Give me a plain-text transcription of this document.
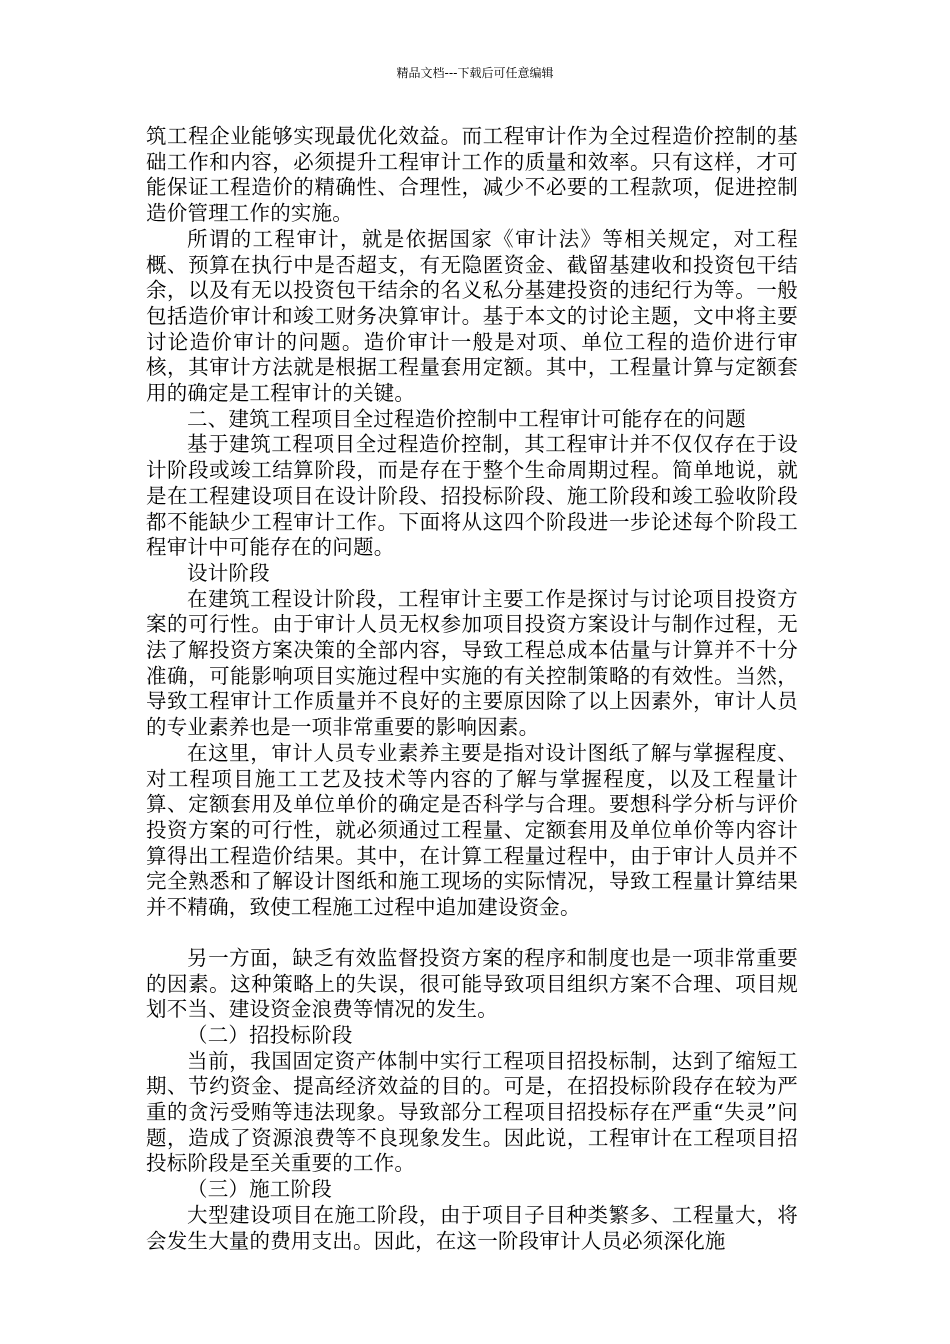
精品文档---下载后可任意编辑

筑工程企业能够实现最优化效益。而工程审计作为全过程造价控制的基础工作和内容，必须提升工程审计工作的质量和效率。只有这样，才可能保证工程造价的精确性、合理性，减少不必要的工程款项，促进控制造价管理工作的实施。

所谓的工程审计，就是依据国家《审计法》等相关规定，对工程概、预算在执行中是否超支，有无隐匿资金、截留基建收和投资包干结余，以及有无以投资包干结余的名义私分基建投资的违纪行为等。一般包括造价审计和竣工财务决算审计。基于本文的讨论主题，文中将主要讨论造价审计的问题。造价审计一般是对项、单位工程的造价进行审核，其审计方法就是根据工程量套用定额。其中，工程量计算与定额套用的确定是工程审计的关键。

二、建筑工程项目全过程造价控制中工程审计可能存在的问题

基于建筑工程项目全过程造价控制，其工程审计并不仅仅存在于设计阶段或竣工结算阶段，而是存在于整个生命周期过程。简单地说，就是在工程建设项目在设计阶段、招投标阶段、施工阶段和竣工验收阶段都不能缺少工程审计工作。下面将从这四个阶段进一步论述每个阶段工程审计中可能存在的问题。

设计阶段

在建筑工程设计阶段，工程审计主要工作是探讨与讨论项目投资方案的可行性。由于审计人员无权参加项目投资方案设计与制作过程，无法了解投资方案决策的全部内容，导致工程总成本估量与计算并不十分准确，可能影响项目实施过程中实施的有关控制策略的有效性。当然，导致工程审计工作质量并不良好的主要原因除了以上因素外，审计人员的专业素养也是一项非常重要的影响因素。

在这里，审计人员专业素养主要是指对设计图纸了解与掌握程度、对工程项目施工工艺及技术等内容的了解与掌握程度，以及工程量计算、定额套用及单位单价的确定是否科学与合理。要想科学分析与评价投资方案的可行性，就必须通过工程量、定额套用及单位单价等内容计算得出工程造价结果。其中，在计算工程量过程中，由于审计人员并不完全熟悉和了解设计图纸和施工现场的实际情况，导致工程量计算结果并不精确，致使工程施工过程中追加建设资金。

另一方面，缺乏有效监督投资方案的程序和制度也是一项非常重要的因素。这种策略上的失误，很可能导致项目组织方案不合理、项目规划不当、建设资金浪费等情况的发生。

（二）招投标阶段

当前，我国固定资产体制中实行工程项目招投标制，达到了缩短工期、节约资金、提高经济效益的目的。可是，在招投标阶段存在较为严重的贪污受贿等违法现象。导致部分工程项目招投标存在严重“失灵”问题，造成了资源浪费等不良现象发生。因此说，工程审计在工程项目招投标阶段是至关重要的工作。

（三）施工阶段

大型建设项目在施工阶段，由于项目子目种类繁多、工程量大，将会发生大量的费用支出。因此，在这一阶段审计人员必须深化施
